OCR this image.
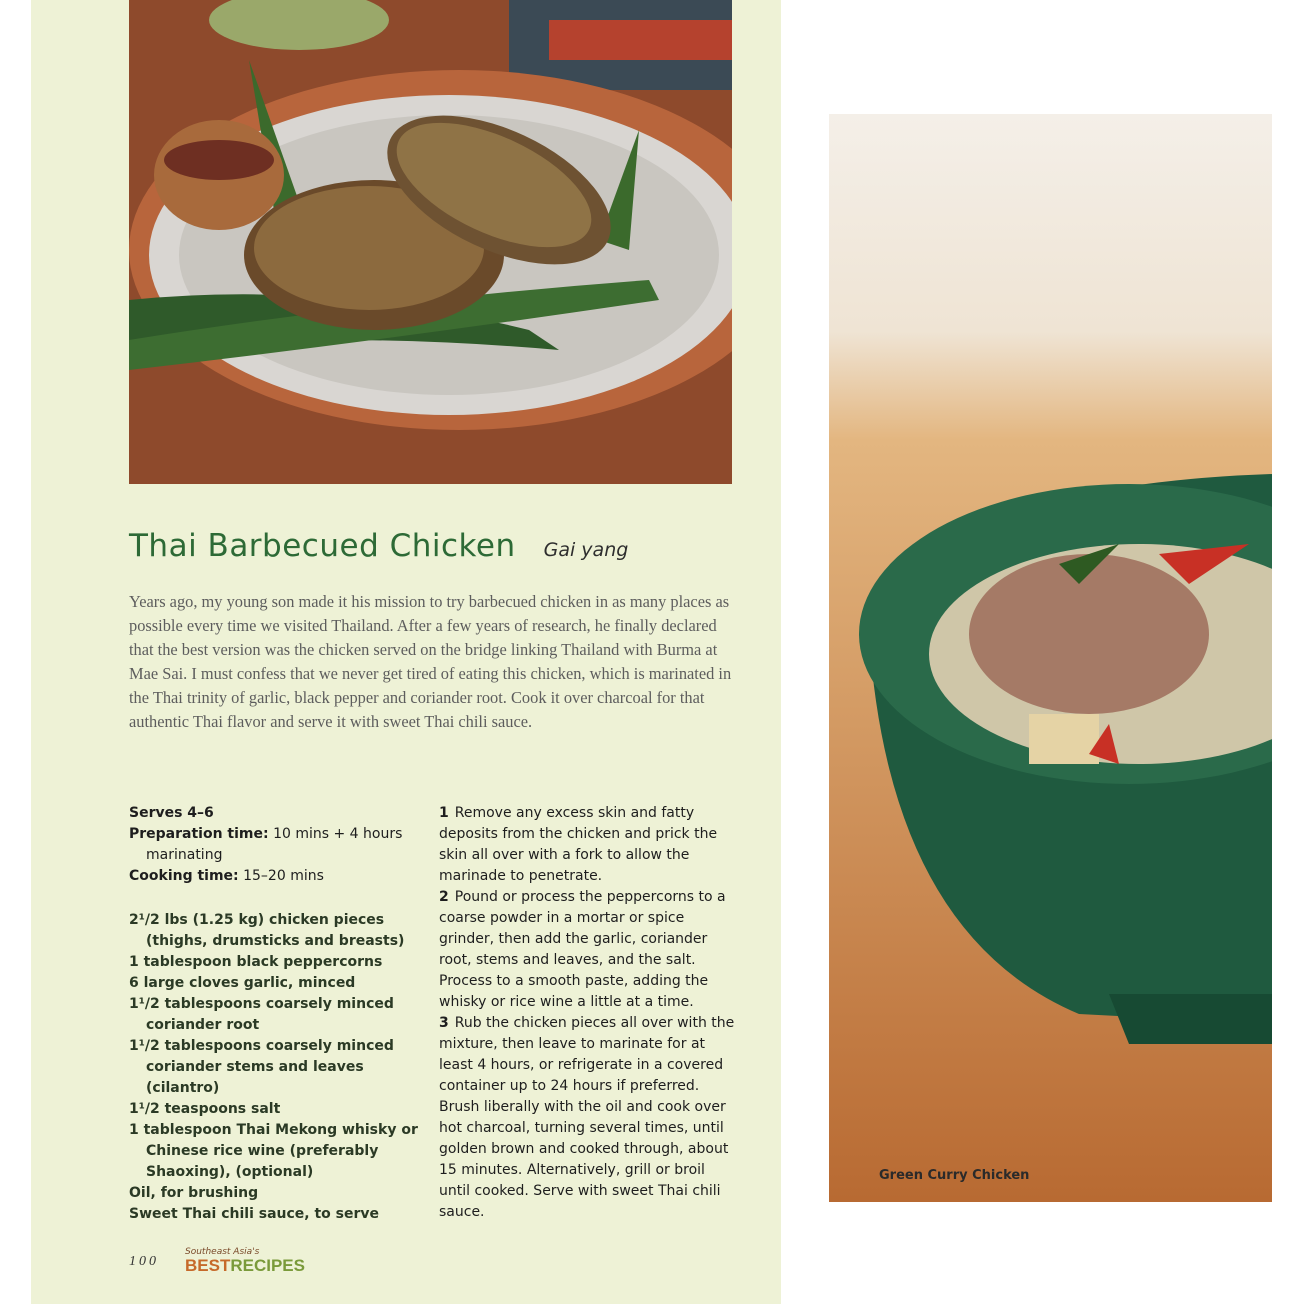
Thai Barbecued Chicken Gai yang

Years ago, my young son made it his mission to try barbecued chicken in as many places as possible every time we visited Thailand. After a few years of research, he finally declared that the best version was the chicken served on the bridge linking Thailand with Burma at Mae Sai. I must confess that we never get tired of eating this chicken, which is marinated in the Thai trinity of garlic, black pepper and coriander root. Cook it over charcoal for that authentic Thai flavor and serve it with sweet Thai chili sauce.

Serves 4–6
Preparation time: 10 mins + 4 hours marinating
Cooking time: 15–20 mins
2¹/2 lbs (1.25 kg) chicken pieces (thighs, drumsticks and breasts)
1 tablespoon black peppercorns
6 large cloves garlic, minced
1¹/2 tablespoons coarsely minced coriander root
1¹/2 tablespoons coarsely minced coriander stems and leaves (cilantro)
1¹/2 teaspoons salt
1 tablespoon Thai Mekong whisky or Chinese rice wine (preferably Shaoxing), (optional)
Oil, for brushing
Sweet Thai chili sauce, to serve
1 Remove any excess skin and fatty deposits from the chicken and prick the skin all over with a fork to allow the marinade to penetrate.
2 Pound or process the peppercorns to a coarse powder in a mortar or spice grinder, then add the garlic, coriander root, stems and leaves, and the salt. Process to a smooth paste, adding the whisky or rice wine a little at a time.
3 Rub the chicken pieces all over with the mixture, then leave to marinate for at least 4 hours, or refrigerate in a covered container up to 24 hours if preferred. Brush liberally with the oil and cook over hot charcoal, turning several times, until golden brown and cooked through, about 15 minutes. Alternatively, grill or broil until cooked. Serve with sweet Thai chili sauce.
100
Southeast Asia's
BESTRECIPES
Green Curry Chicken
